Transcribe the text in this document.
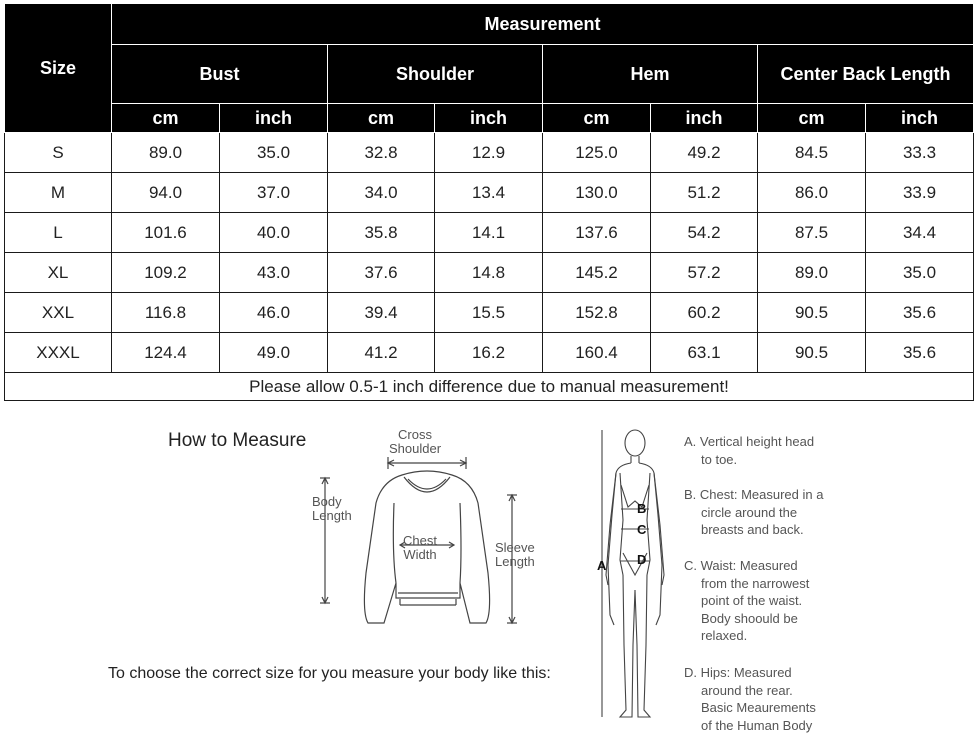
Size	Measurement							
	Bust		Shoulder		Hem		Center Back Length	
	cm	inch	cm	inch	cm	inch	cm	inch
S	89.0	35.0	32.8	12.9	125.0	49.2	84.5	33.3
M	94.0	37.0	34.0	13.4	130.0	51.2	86.0	33.9
L	101.6	40.0	35.8	14.1	137.6	54.2	87.5	34.4
XL	109.2	43.0	37.6	14.8	145.2	57.2	89.0	35.0
XXL	116.8	46.0	39.4	15.5	152.8	60.2	90.5	35.6
XXXL	124.4	49.0	41.2	16.2	160.4	63.1	90.5	35.6
Please allow 0.5-1 inch difference due to manual measurement!								
How to Measure	Cross
Shoulder
Body
Length
Chest
Width	Sleeve
Length
To choose the correct size for you measure your body like this:
A
B
C
D
A. Vertical height head
to toe.
B. Chest: Measured in a
circle around the
breasts and back.
C. Waist: Measured
from the narrowest
point of the waist.
Body shoould be
relaxed.
D. Hips: Measured
around the rear.
Basic Meaurements
of the Human Body
